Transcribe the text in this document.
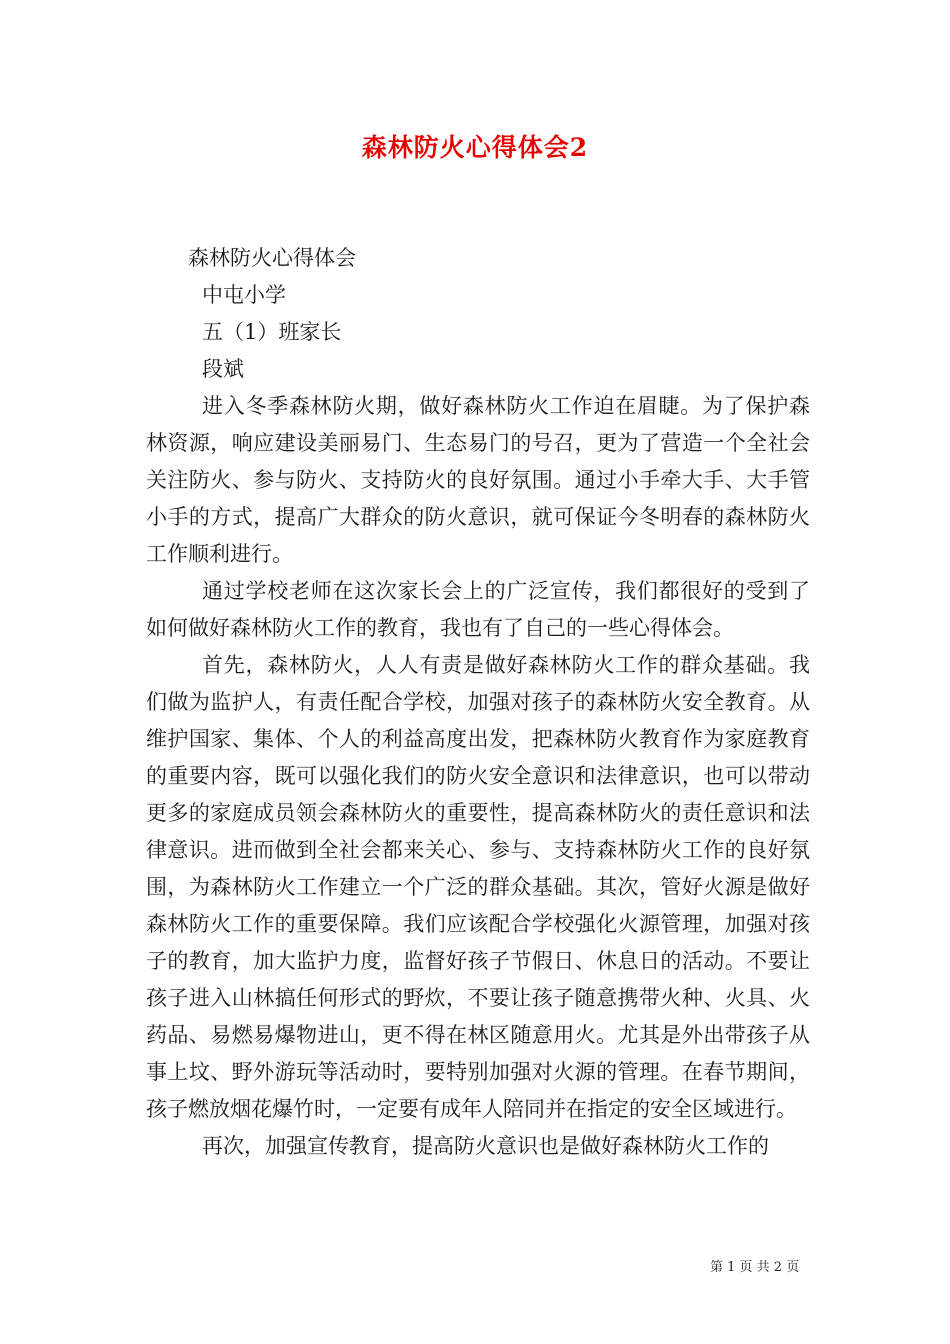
森林防火心得体会2
森林防火心得体会
中屯小学
五（1）班家长
段斌

进入冬季森林防火期，做好森林防火工作迫在眉睫。为了保护森林资源，响应建设美丽易门、生态易门的号召，更为了营造一个全社会关注防火、参与防火、支持防火的良好氛围。通过小手牵大手、大手管小手的方式，提高广大群众的防火意识，就可保证今冬明春的森林防火工作顺利进行。

通过学校老师在这次家长会上的广泛宣传，我们都很好的受到了如何做好森林防火工作的教育，我也有了自己的一些心得体会。

首先，森林防火，人人有责是做好森林防火工作的群众基础。我们做为监护人，有责任配合学校，加强对孩子的森林防火安全教育。从维护国家、集体、个人的利益高度出发，把森林防火教育作为家庭教育的重要内容，既可以强化我们的防火安全意识和法律意识，也可以带动更多的家庭成员领会森林防火的重要性，提高森林防火的责任意识和法律意识。进而做到全社会都来关心、参与、支持森林防火工作的良好氛围，为森林防火工作建立一个广泛的群众基础。其次，管好火源是做好森林防火工作的重要保障。我们应该配合学校强化火源管理，加强对孩子的教育，加大监护力度，监督好孩子节假日、休息日的活动。不要让孩子进入山林搞任何形式的野炊，不要让孩子随意携带火种、火具、火药品、易燃易爆物进山，更不得在林区随意用火。尤其是外出带孩子从事上坟、野外游玩等活动时，要特别加强对火源的管理。在春节期间，孩子燃放烟花爆竹时，一定要有成年人陪同并在指定的安全区域进行。

再次，加强宣传教育，提高防火意识也是做好森林防火工作的

第 1 页 共 2 页
